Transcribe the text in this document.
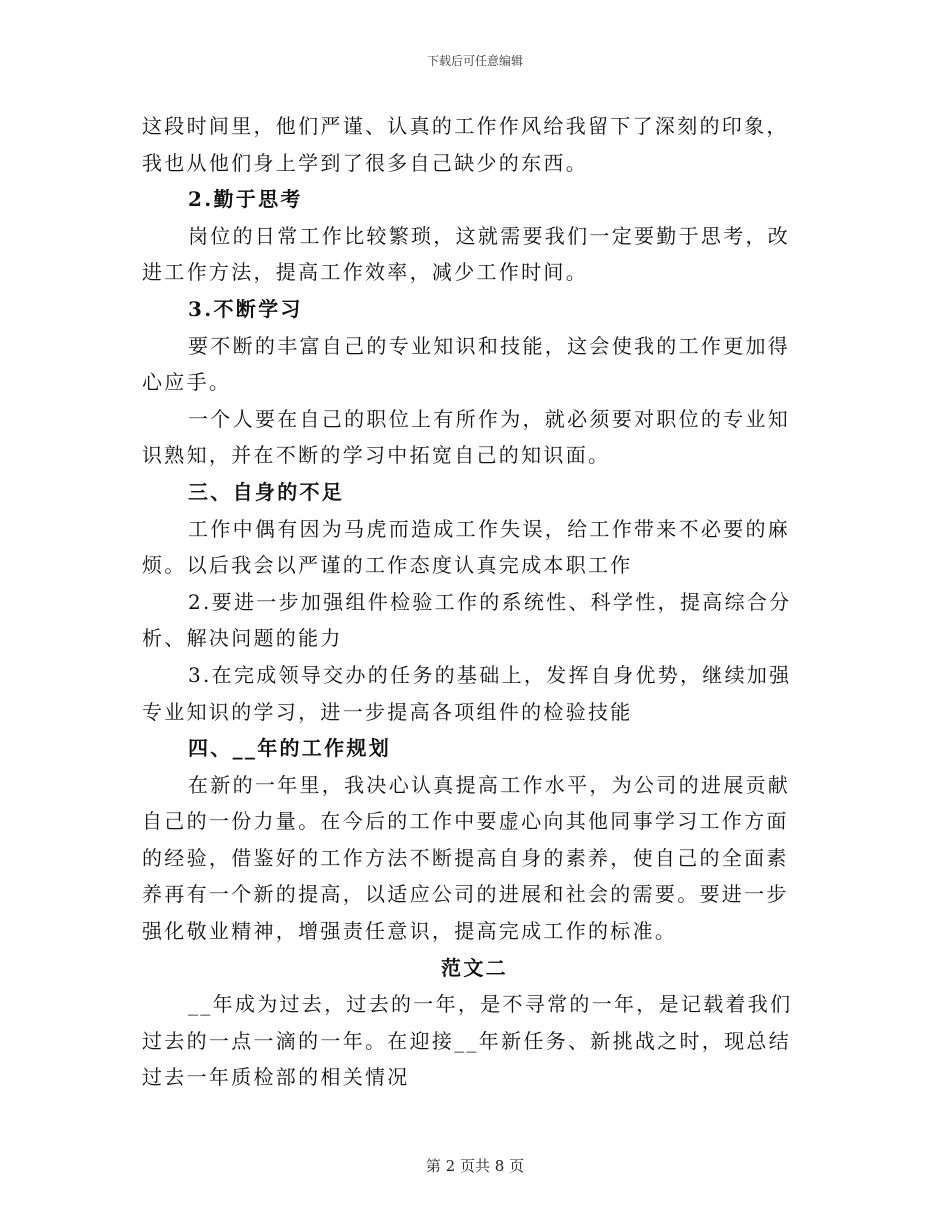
下载后可任意编辑

这段时间里，他们严谨、认真的工作作风给我留下了深刻的印象，我也从他们身上学到了很多自己缺少的东西。

2.勤于思考

岗位的日常工作比较繁琐，这就需要我们一定要勤于思考，改进工作方法，提高工作效率，减少工作时间。

3.不断学习

要不断的丰富自己的专业知识和技能，这会使我的工作更加得心应手。

一个人要在自己的职位上有所作为，就必须要对职位的专业知识熟知，并在不断的学习中拓宽自己的知识面。

三、自身的不足

工作中偶有因为马虎而造成工作失误，给工作带来不必要的麻烦。以后我会以严谨的工作态度认真完成本职工作

2.要进一步加强组件检验工作的系统性、科学性，提高综合分析、解决问题的能力

3.在完成领导交办的任务的基础上，发挥自身优势，继续加强专业知识的学习，进一步提高各项组件的检验技能

四、__年的工作规划

在新的一年里，我决心认真提高工作水平，为公司的进展贡献自己的一份力量。在今后的工作中要虚心向其他同事学习工作方面的经验，借鉴好的工作方法不断提高自身的素养，使自己的全面素养再有一个新的提高，以适应公司的进展和社会的需要。要进一步强化敬业精神，增强责任意识，提高完成工作的标准。

范文二

__年成为过去，过去的一年，是不寻常的一年，是记载着我们过去的一点一滴的一年。在迎接__年新任务、新挑战之时，现总结过去一年质检部的相关情况

第 2 页共 8 页
